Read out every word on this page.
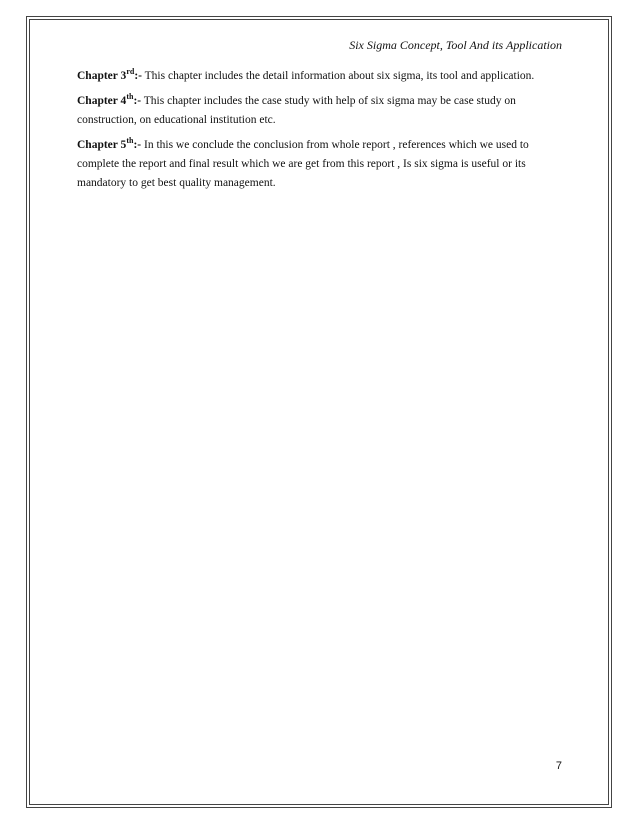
Six Sigma Concept, Tool And its Application

Chapter 3rd:- This chapter includes the detail information about six sigma, its tool and application.

Chapter 4th:- This chapter includes the case study with help of six sigma may be case study on construction, on educational institution etc.

Chapter 5th:- In this we conclude the conclusion from whole report , references which we used to complete the report and final result which we are get from this report , Is six sigma is useful or its mandatory to get best quality management.

7
